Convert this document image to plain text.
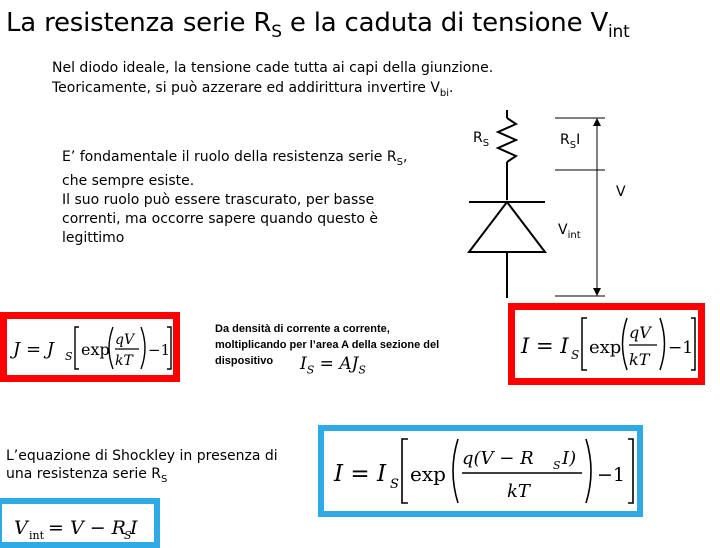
La resistenza serie $R_S$ e la caduta di tensione $V_{int}$
Nel diodo ideale, la tensione cade tutta ai capi della giunzione.
Teoricamente, si può azzerare ed addirittura invertire $V_{bi}$.
E’ fondamentale il ruolo della resistenza serie $R_S$,
che sempre esiste.
Il suo ruolo può essere trascurato, per basse
correnti, ma occorre sapere quando questo è
legittimo
$R_S$	$R_SI$
V
$V_{int}$
J = J S exp qV
kT
−1
Da densità di corrente a corrente,
moltiplicando per l’area A della sezione del
dispositivo	$I_S = AJ_S$
I = I S exp
qV
kT
−1
L’equazione di Shockley in presenza di
una resistenza serie $R_S$	I = I S exp
q(V − R S I)
kT
−1
V int = V − R
S
I
